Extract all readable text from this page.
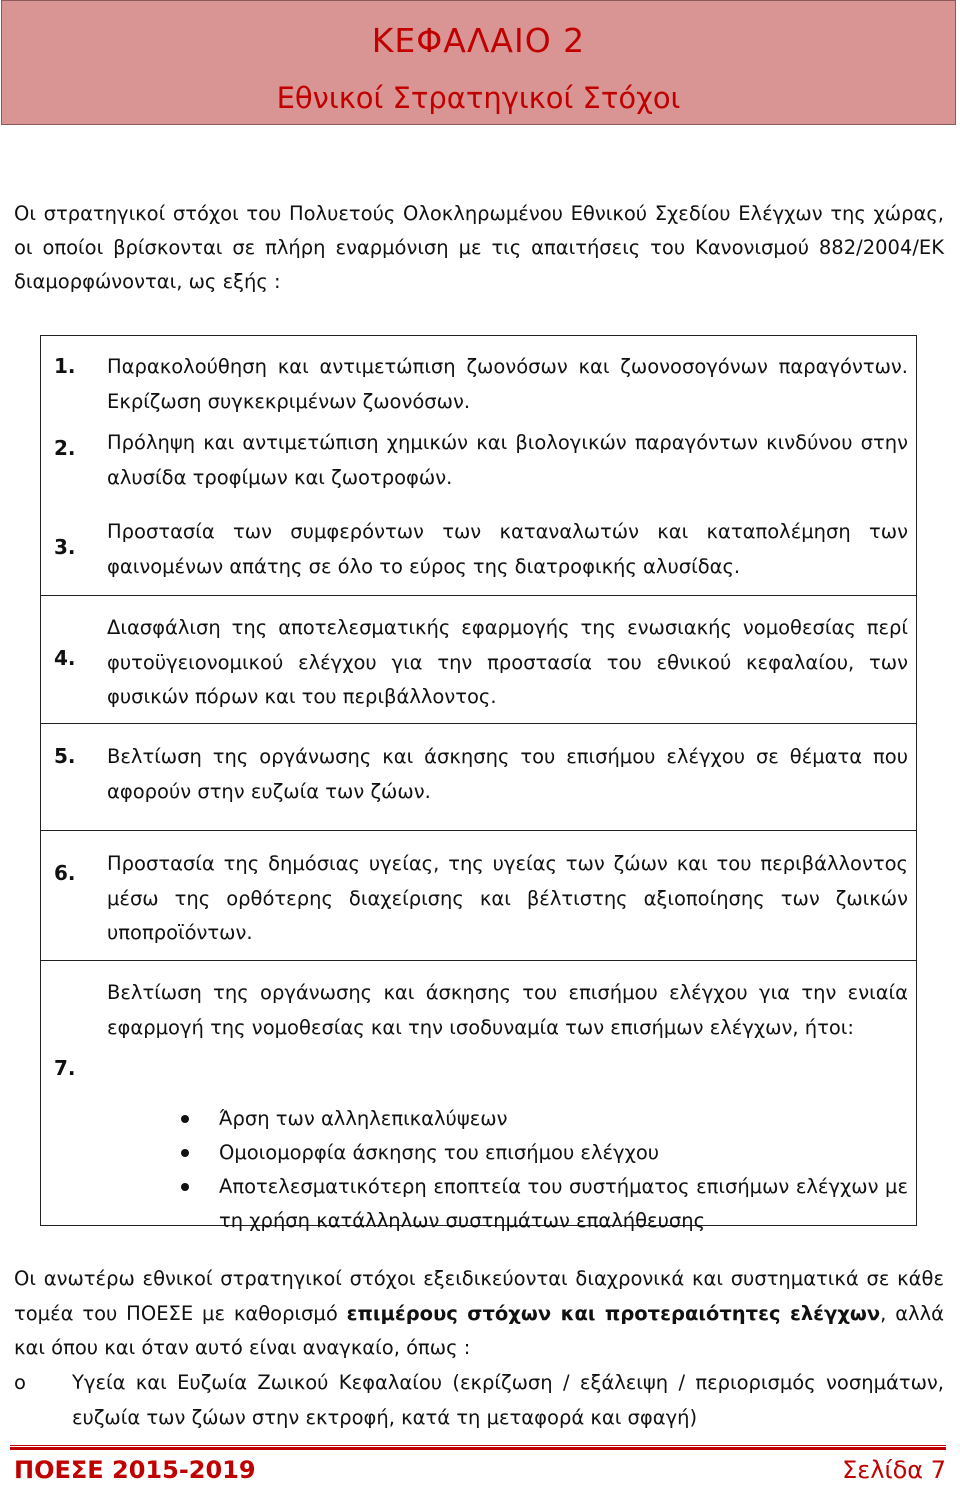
ΚΕΦΑΛΑΙΟ 2
Εθνικοί Στρατηγικοί Στόχοι
Οι στρατηγικοί στόχοι του Πολυετούς Ολοκληρωμένου Εθνικού Σχεδίου Ελέγχων της χώρας, οι οποίοι βρίσκονται σε πλήρη εναρμόνιση με τις απαιτήσεις του Κανονισμού 882/2004/ΕΚ διαμορφώνονται, ως εξής :
1. Παρακολούθηση και αντιμετώπιση ζωονόσων και ζωονοσογόνων παραγόντων. Εκρίζωση συγκεκριμένων ζωονόσων.
2. Πρόληψη και αντιμετώπιση χημικών και βιολογικών παραγόντων κινδύνου στην αλυσίδα τροφίμων και ζωοτροφών.
3.
Προστασία των συμφερόντων των καταναλωτών και καταπολέμηση των φαινομένων απάτης σε όλο το εύρος της διατροφικής αλυσίδας.
4.
Διασφάλιση της αποτελεσματικής εφαρμογής της ενωσιακής νομοθεσίας περί φυτοϋγειονομικού ελέγχου για την προστασία του εθνικού κεφαλαίου, των φυσικών πόρων και του περιβάλλοντος.
5. Βελτίωση της οργάνωσης και άσκησης του επισήμου ελέγχου σε θέματα που αφορούν στην ευζωία των ζώων.
6. Προστασία της δημόσιας υγείας, της υγείας των ζώων και του περιβάλλοντος μέσω της ορθότερης διαχείρισης και βέλτιστης αξιοποίησης των ζωικών υποπροϊόντων.
7.
Βελτίωση της οργάνωσης και άσκησης του επισήμου ελέγχου για την ενιαία εφαρμογή της νομοθεσίας και την ισοδυναμία των επισήμων ελέγχων, ήτοι:
Άρση των αλληλεπικαλύψεων
Ομοιομορφία άσκησης του επισήμου ελέγχου
Αποτελεσματικότερη εποπτεία του συστήματος επισήμων ελέγχων με τη χρήση κατάλληλων συστημάτων επαλήθευσης
Οι ανωτέρω εθνικοί στρατηγικοί στόχοι εξειδικεύονται διαχρονικά και συστηματικά σε κάθε τομέα του ΠΟΕΣΕ με καθορισμό επιμέρους στόχων και προτεραιότητες ελέγχων, αλλά και όπου και όταν αυτό είναι αναγκαίο, όπως :
o Υγεία και Ευζωία Ζωικού Κεφαλαίου (εκρίζωση / εξάλειψη / περιορισμός νοσημάτων, ευζωία των ζώων στην εκτροφή, κατά τη μεταφορά και σφαγή)
ΠΟΕΣΕ 2015-2019	Σελίδα 7
